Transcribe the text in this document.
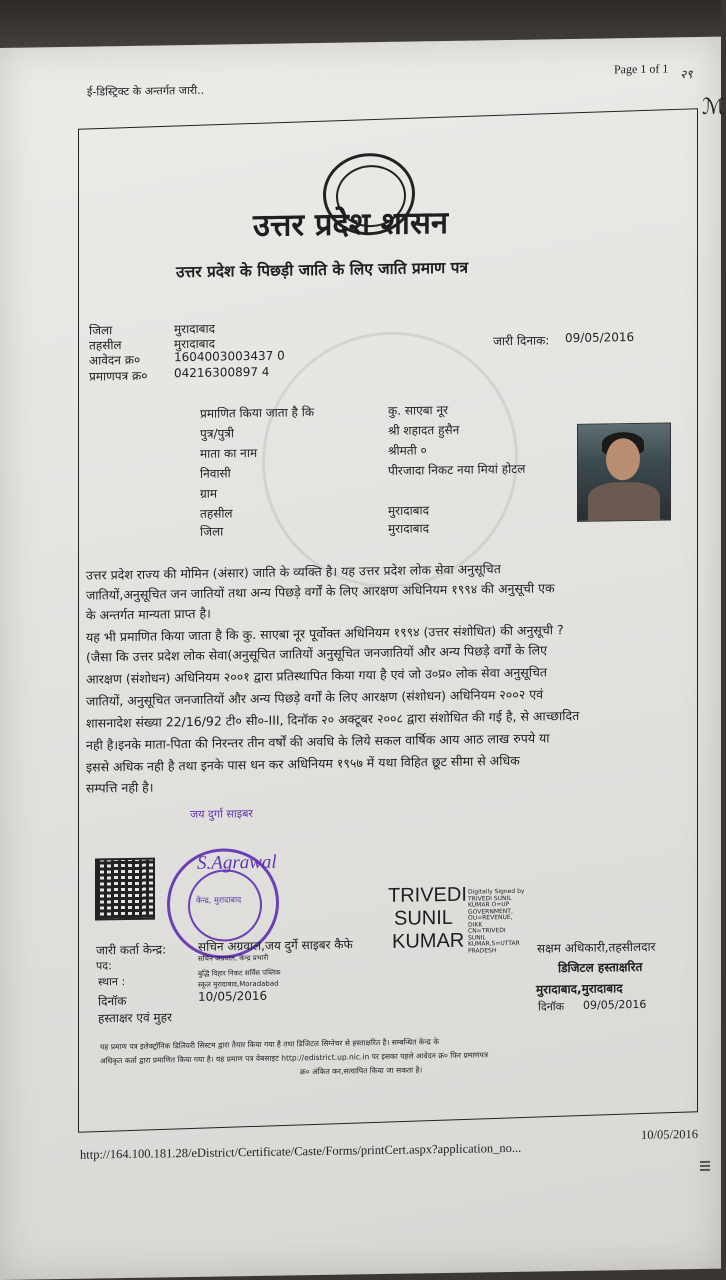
ई-डिस्ट्रिक्ट के अन्तर्गत जारी..
Page 1 of 1 २९
ℳ
उत्तर प्रदेश शासन
उत्तर प्रदेश के पिछड़ी जाति के लिए जाति प्रमाण पत्र
जिला	मुरादाबाद
तहसील	मुरादाबाद
आवेदन क्र०	1604003003437 0
प्रमाणपत्र क्र० 04216300897 4
जारी दिनाक: 09/05/2016
प्रमाणित किया जाता है कि	कु. साएबा नूर
पुत्र/पुत्री	श्री शहादत हुसैन
माता का नाम	श्रीमती ०
निवासी	पीरजादा निकट नया मियां होटल
ग्राम
तहसील	मुरादाबाद
जिला	मुरादाबाद
उत्तर प्रदेश राज्य की मोमिन (अंसार) जाति के व्यक्ति है। यह उत्तर प्रदेश लोक सेवा अनुसूचित
जातियों,अनुसूचित जन जातियों तथा अन्य पिछड़े वर्गों के लिए आरक्षण अधिनियम १९९४ की अनुसूची एक
के अन्तर्गत मान्यता प्राप्त है।
यह भी प्रमाणित किया जाता है कि कु. साएबा नूर पूर्वोक्त अधिनियम १९९४ (उत्तर संशोधित) की अनुसूची ?
(जैसा कि उत्तर प्रदेश लोक सेवा(अनुसूचित जातियों अनुसूचित जनजातियों और अन्य पिछड़े वर्गों के लिए
आरक्षण (संशोधन) अधिनियम २००१ द्वारा प्रतिस्थापित किया गया है एवं जो उ०प्र० लोक सेवा अनुसूचित
जातियों, अनुसूचित जनजातियों और अन्य पिछड़े वर्गों के लिए आरक्षण (संशोधन) अधिनियम २००२ एवं
शासनादेश संख्या 22/16/92 टी० सी०-III, दिनॉक २० अक्टूबर २००८ द्वारा संशोधित की गई है, से आच्छादित
नही है।इनके माता-पिता की निरन्तर तीन वर्षों की अवधि के लिये सकल वार्षिक आय आठ लाख रुपये या
इससे अधिक नही है तथा इनके पास धन कर अधिनियम १९५७ में यथा विहित छूट सीमा से अधिक
सम्पत्ति नही है।
जय दुर्गा साइबर
केन्द्र, मुरादाबाद
S.Agrawal
TRIVEDI
SUNIL
KUMAR
Digitally Signed by
TRIVEDI SUNIL
KUMAR O=UP
GOVERNMENT,
OU=REVENUE,
DIKK
CN=TRIVEDI
SUNIL
KUMAR,S=UTTAR
PRADESH
जारी कर्ता केन्द्र:	सचिन अग्रवाल,जय दुर्गे साइबर कैफे
पद:
सचिन अग्रवाल, केन्द्र प्रभारी
स्थान :
बुद्धि विहार निकट सर्विस पब्लिक
स्कूल मुरादाबाद,Moradabad
दिनॉक	10/05/2016
हस्ताक्षर एवं मुहर
सक्षम अधिकारी,तहसीलदार
डिजिटल हस्ताक्षरित
मुरादाबाद,मुरादाबाद
दिनॉक 09/05/2016
यह प्रमाण पत्र इलेक्ट्रॉनिक डिलिवरी सिस्टम द्वारा तैयार किया गया है तथा डिजिटल सिग्नेचर से हस्ताक्षरित है। सम्बन्धित केन्द्र के
अधिकृत कर्ता द्वारा प्रमाणित किया गया है। यह प्रमाण पत्र वेबसाइट http://edistrict.up.nic.in पर इसका पहले आवेदन क्र० फिर प्रमाणपत्र
क्र० अंकित कर,सत्यापित किया जा सकता है।
http://164.100.181.28/eDistrict/Certificate/Caste/Forms/printCert.aspx?application_no...
10/05/2016
